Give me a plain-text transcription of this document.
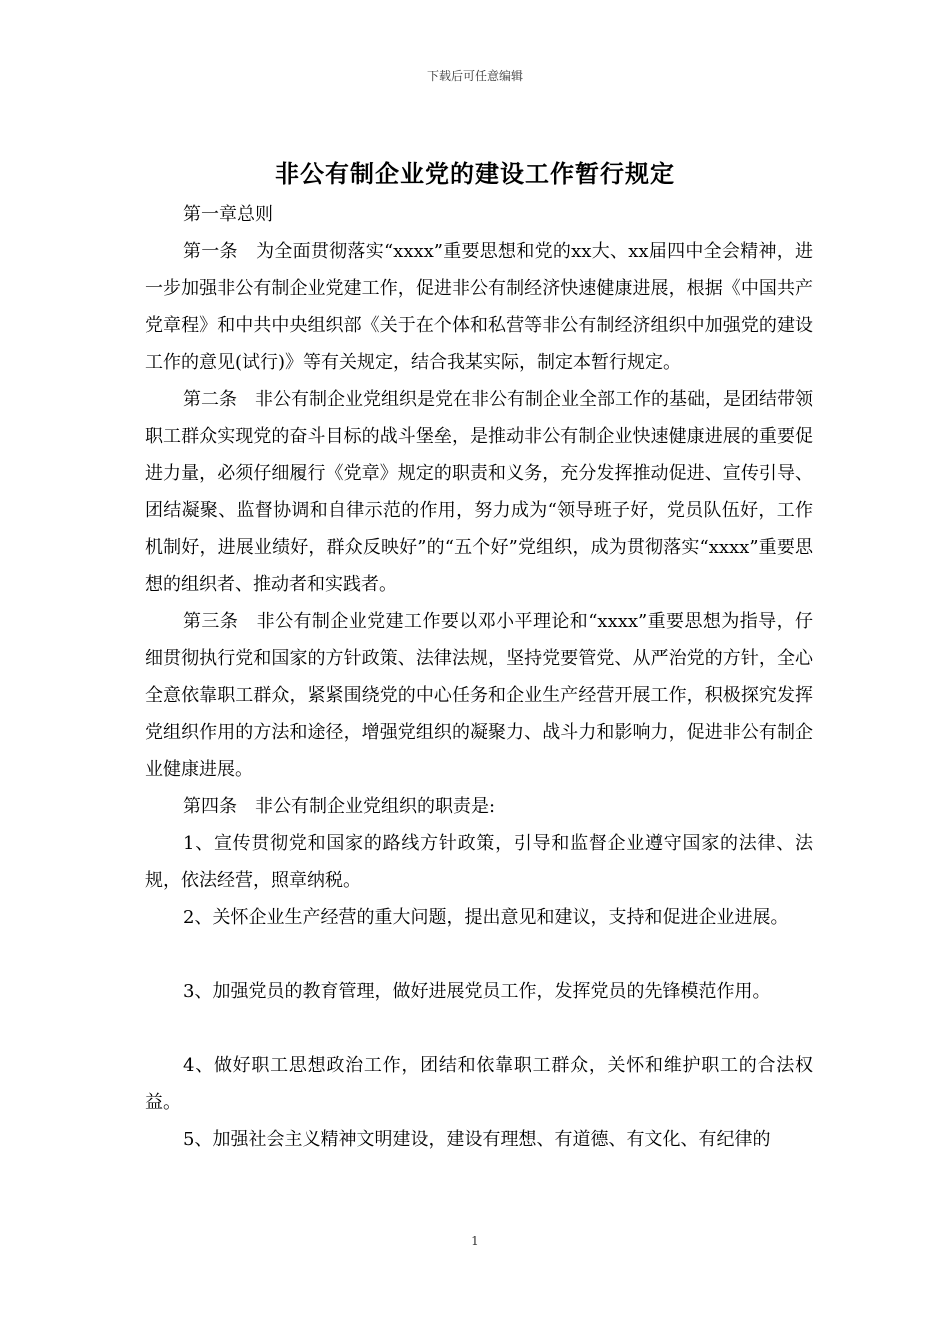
下载后可任意编辑
非公有制企业党的建设工作暂行规定

第一章总则

第一条　为全面贯彻落实“xxxx”重要思想和党的xx大、xx届四中全会精神，进一步加强非公有制企业党建工作，促进非公有制经济快速健康进展，根据《中国共产党章程》和中共中央组织部《关于在个体和私营等非公有制经济组织中加强党的建设工作的意见(试行)》等有关规定，结合我某实际，制定本暂行规定。

第二条　非公有制企业党组织是党在非公有制企业全部工作的基础，是团结带领职工群众实现党的奋斗目标的战斗堡垒，是推动非公有制企业快速健康进展的重要促进力量，必须仔细履行《党章》规定的职责和义务，充分发挥推动促进、宣传引导、团结凝聚、监督协调和自律示范的作用，努力成为“领导班子好，党员队伍好，工作机制好，进展业绩好，群众反映好”的“五个好”党组织，成为贯彻落实“xxxx”重要思想的组织者、推动者和实践者。

第三条　非公有制企业党建工作要以邓小平理论和“xxxx”重要思想为指导，仔细贯彻执行党和国家的方针政策、法律法规，坚持党要管党、从严治党的方针，全心全意依靠职工群众，紧紧围绕党的中心任务和企业生产经营开展工作，积极探究发挥党组织作用的方法和途径，增强党组织的凝聚力、战斗力和影响力，促进非公有制企业健康进展。

第四条　非公有制企业党组织的职责是:

1、宣传贯彻党和国家的路线方针政策，引导和监督企业遵守国家的法律、法规，依法经营，照章纳税。

2、关怀企业生产经营的重大问题，提出意见和建议，支持和促进企业进展。

3、加强党员的教育管理，做好进展党员工作，发挥党员的先锋模范作用。

4、做好职工思想政治工作，团结和依靠职工群众，关怀和维护职工的合法权益。

5、加强社会主义精神文明建设，建设有理想、有道德、有文化、有纪律的

1
